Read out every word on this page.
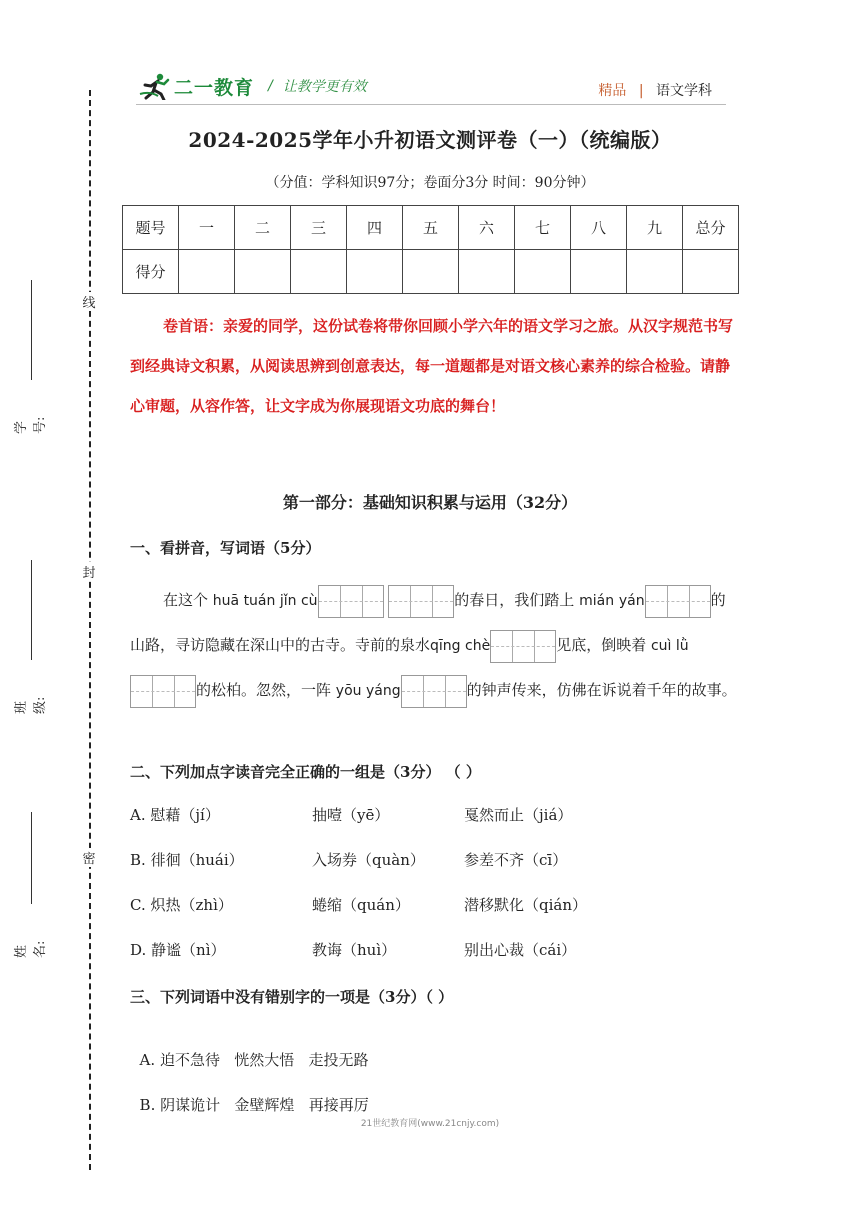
线
封
密
学号:
班级:
姓名:
二一教育 / 让教学更有效	精品 | 语文学科
2024-2025学年小升初语文测评卷（一）（统编版）
（分值：学科知识97分；卷面分3分 时间：90分钟）
题号	一	二	三	四	五	六	七	八	九	总分
得分										
卷首语：亲爱的同学，这份试卷将带你回顾小学六年的语文学习之旅。从汉字规范书写到经典诗文积累，从阅读思辨到创意表达，每一道题都是对语文核心素养的综合检验。请静心审题，从容作答，让文字成为你展现语文功底的舞台！
第一部分：基础知识积累与运用（32分）
一、看拼音，写词语（5分）
在这个 huā tuán jǐn cù
	的春日，我们踏上 mián yán	的山路，寻访隐藏在深山中的古寺。寺前的泉水qīng chè	见底，倒映着 cuì lǜ
的松柏。忽然，一阵 yōu yáng	的钟声传来，仿佛在诉说着千年的故事。
二、下列加点字读音完全正确的一组是（3分） （ ）
A. 慰藉（jí）	抽噎（yē）	戛然而止（jiá）
B. 徘徊（huái）	入场券（quàn）	参差不齐（cī）
C. 炽热（zhì）	蜷缩（quán）	潜移默化（qián）
D. 静谧（nì）	教诲（huì）	别出心裁（cái）
三、下列词语中没有错别字的一项是（3分）（ ）

A. 迫不急待   恍然大悟   走投无路

B. 阴谋诡计   金壁辉煌   再接再厉

21世纪教育网(www.21cnjy.com)
